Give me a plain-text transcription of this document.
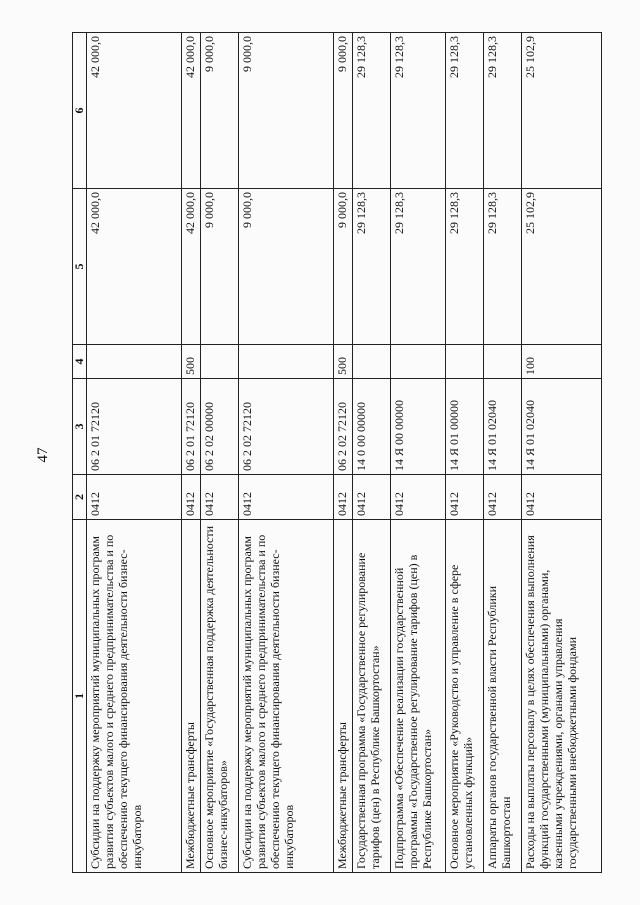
47
1	2	3	4	5	6
Субсидии на поддержку мероприятий муниципальных программ развития субъектов малого и среднего предпринимательства и по обеспечению текущего финансирования деятельности бизнес-инкубаторов	0412	06 2 01 72120		42 000,0	42 000,0
Межбюджетные трансферты	0412	06 2 01 72120	500	42 000,0	42 000,0
Основное мероприятие «Государственная поддержка деятельности бизнес-инкубаторов»	0412	06 2 02 00000		9 000,0	9 000,0
Субсидии на поддержку мероприятий муниципальных программ развития субъектов малого и среднего предпринимательства и по обеспечению текущего финансирования деятельности бизнес-инкубаторов	0412	06 2 02 72120		9 000,0	9 000,0
Межбюджетные трансферты	0412	06 2 02 72120	500	9 000,0	9 000,0
Государственная программа «Государственное регулирование тарифов (цен) в Республике Башкортостан»	0412	14 0 00 00000		29 128,3	29 128,3
Подпрограмма «Обеспечение реализации государственной программы «Государственное регулирование тарифов (цен) в Республике Башкортостан»	0412	14 Я 00 00000		29 128,3	29 128,3
Основное мероприятие «Руководство и управление в сфере установленных функций»	0412	14 Я 01 00000		29 128,3	29 128,3
Аппараты органов государственной власти Республики Башкортостан	0412	14 Я 01 02040		29 128,3	29 128,3
Расходы на выплаты персоналу в целях обеспечения выполнения функций государственными (муниципальными) органами, казенными учреждениями, органами управления государственными внебюджетными фондами	0412	14 Я 01 02040	100	25 102,9	25 102,9
